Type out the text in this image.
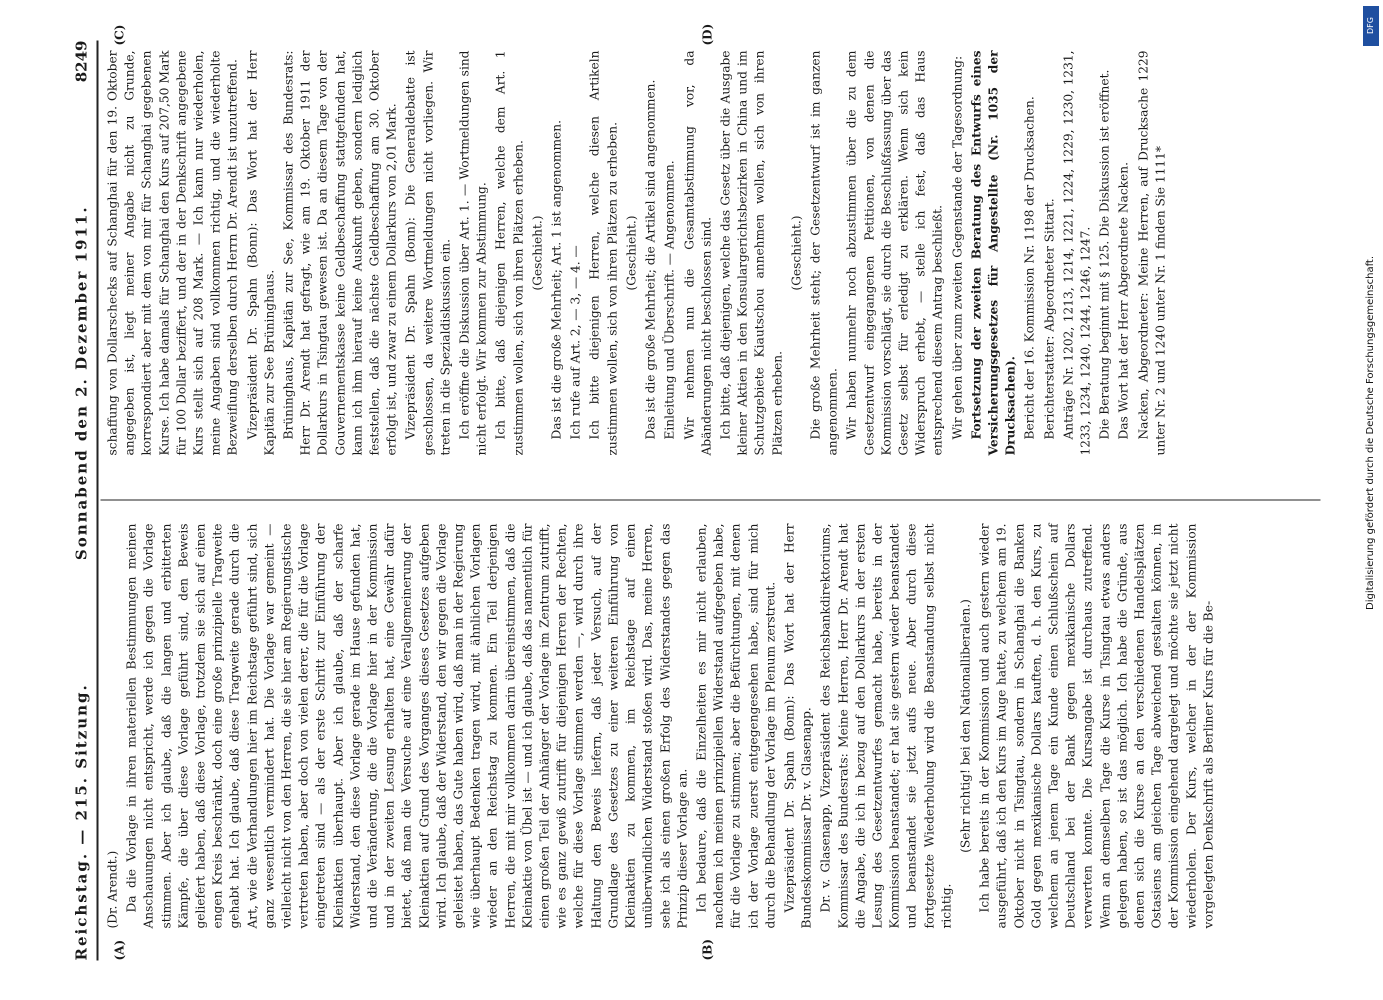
Reichstag. — 215. Sitzung.
Sonnabend den 2. Dezember 1911.
8249
(A)	(B)
(C)	(D)

(Dr. Arendt.) Da die Vorlage in ihren materiellen Bestimmungen meinen Anschauungen nicht entspricht, werde ich gegen die Vorlage stimmen. Aber ich glaube, daß die langen und erbitterten Kämpfe, die über diese Vorlage geführt sind, den Beweis geliefert haben, daß diese Vorlage, trotzdem sie sich auf einen engen Kreis beschränkt, doch eine große prinzipielle Tragweite gehabt hat. Ich glaube, daß diese Tragweite gerade durch die Art, wie die Verhandlungen hier im Reichstage geführt sind, sich ganz wesentlich vermindert hat. Die Vorlage war gemeint — vielleicht nicht von den Herren, die sie hier am Regierungstische vertreten haben, aber doch von vielen derer, die für die Vorlage eingetreten sind — als der erste Schritt zur Einführung der Kleinaktien überhaupt. Aber ich glaube, daß der scharfe Widerstand, den diese Vorlage gerade im Hause gefunden hat, und die Veränderung, die die Vorlage hier in der Kommission und in der zweiten Lesung erhalten hat, eine Gewähr dafür bietet, daß man die Versuche auf eine Verallgemeinerung der Kleinaktien auf Grund des Vorganges dieses Gesetzes aufgeben wird. Ich glaube, daß der Widerstand, den wir gegen die Vorlage geleistet haben, das Gute haben wird, daß man in der Regierung wie überhaupt Bedenken tragen wird, mit ähnlichen Vorlagen wieder an den Reichstag zu kommen. Ein Teil derjenigen Herren, die mit mir vollkommen darin übereinstimmen, daß die Kleinaktie von Übel ist — und ich glaube, daß das namentlich für einen großen Teil der Anhänger der Vorlage im Zentrum zutrifft, wie es ganz gewiß zutrifft für diejenigen Herren der Rechten, welche für diese Vorlage stimmen werden —, wird durch ihre Haltung den Beweis liefern, daß jeder Versuch, auf der Grundlage des Gesetzes zu einer weiteren Einführung von Kleinaktien zu kommen, im Reichstage auf einen unüberwindlichen Widerstand stoßen wird. Das, meine Herren, sehe ich als einen großen Erfolg des Widerstandes gegen das Prinzip dieser Vorlage an. Ich bedaure, daß die Einzelheiten es mir nicht erlauben, nachdem ich meinen prinzipiellen Widerstand aufgegeben habe, für die Vorlage zu stimmen; aber die Befürchtungen, mit denen ich der Vorlage zuerst entgegengesehen habe, sind für mich durch die Behandlung der Vorlage im Plenum zerstreut. Vizepräsident Dr. Spahn (Bonn): Das Wort hat der Herr Bundeskommissar Dr. v. Glasenapp. Dr. v. Glasenapp, Vizepräsident des Reichsbankdirektoriums, Kommissar des Bundesrats: Meine Herren, Herr Dr. Arendt hat die Angabe, die ich in bezug auf den Dollarkurs in der ersten Lesung des Gesetzentwurfes gemacht habe, bereits in der Kommission beanstandet; er hat sie gestern wieder beanstandet und beanstandet sie jetzt aufs neue. Aber durch diese fortgesetzte Wiederholung wird die Beanstandung selbst nicht richtig.

(Sehr richtig! bei den Nationalliberalen.) Ich habe bereits in der Kommission und auch gestern wieder ausgeführt, daß ich den Kurs im Auge hatte, zu welchem am 19. Oktober nicht in Tsingtau, sondern in Schanghai die Banken Gold gegen mexikanische Dollars kauften, d. h. den Kurs, zu welchem an jenem Tage ein Kunde einen Schlußschein auf Deutschland bei der Bank gegen mexikanische Dollars verwerten konnte. Die Kursangabe ist durchaus zutreffend. Wenn an demselben Tage die Kurse in Tsingtau etwas anders gelegen haben, so ist das möglich. Ich habe die Gründe, aus denen sich die Kurse an den verschiedenen Handelsplätzen Ostasiens am gleichen Tage abweichend gestalten können, in der Kommission eingehend dargelegt und möchte sie jetzt nicht wiederholen. Der Kurs, welcher in der der Kommission vorgelegten Denkschrift als Berliner Kurs für die Be-

schaffung von Dollarschecks auf Schanghai für den 19. Oktober angegeben ist, liegt meiner Angabe nicht zu Grunde, korrespondiert aber mit dem von mir für Schanghai gegebenen Kurse. Ich habe damals für Schanghai den Kurs auf 207,50 Mark für 100 Dollar beziffert, und der in der Denkschrift angegebene Kurs stellt sich auf 208 Mark. — Ich kann nur wiederholen, meine Angaben sind vollkommen richtig, und die wiederholte Bezweiflung derselben durch Herrn Dr. Arendt ist unzutreffend. Vizepräsident Dr. Spahn (Bonn): Das Wort hat der Herr Kapitän zur See Brüninghaus. Brüninghaus, Kapitän zur See, Kommissar des Bundesrats: Herr Dr. Arendt hat gefragt, wie am 19. Oktober 1911 der Dollarkurs in Tsingtau gewesen ist. Da an diesem Tage von der Gouvernementskasse keine Geldbeschaffung stattgefunden hat, kann ich ihm hierauf keine Auskunft geben, sondern lediglich feststellen, daß die nächste Geldbeschaffung am 30. Oktober erfolgt ist, und zwar zu einem Dollarkurs von 2,01 Mark. Vizepräsident Dr. Spahn (Bonn): Die Generaldebatte ist geschlossen, da weitere Wortmeldungen nicht vorliegen. Wir treten in die Spezialdiskussion ein. Ich eröffne die Diskussion über Art. 1. — Wortmeldungen sind nicht erfolgt. Wir kommen zur Abstimmung. Ich bitte, daß diejenigen Herren, welche dem Art. 1 zustimmen wollen, sich von ihren Plätzen erheben. (Geschieht.) Das ist die große Mehrheit; Art. 1 ist angenommen. Ich rufe auf Art. 2, — 3, — 4. — Ich bitte diejenigen Herren, welche diesen Artikeln zustimmen wollen, sich von ihren Plätzen zu erheben. (Geschieht.) Das ist die große Mehrheit; die Artikel sind angenommen. Einleitung und Überschrift. — Angenommen. Wir nehmen nun die Gesamtabstimmung vor, da Abänderungen nicht beschlossen sind. Ich bitte, daß diejenigen, welche das Gesetz über die Ausgabe kleiner Aktien in den Konsulargerichtsbezirken in China und im Schutzgebiete Kiautschou annehmen wollen, sich von ihren Plätzen erheben.

(Geschieht.) Die große Mehrheit steht; der Gesetzentwurf ist im ganzen angenommen. Wir haben nunmehr noch abzustimmen über die zu dem Gesetzentwurf eingegangenen Petitionen, von denen die Kommission vorschlägt, sie durch die Beschlußfassung über das Gesetz selbst für erledigt zu erklären. Wenn sich kein Widerspruch erhebt, — stelle ich fest, daß das Haus entsprechend diesem Antrag beschließt. Wir gehen über zum zweiten Gegenstande der Tagesordnung: Fortsetzung der zweiten Beratung des Entwurfs eines Versicherungsgesetzes für Angestellte (Nr. 1035 der Drucksachen). Bericht der 16. Kommission Nr. 1198 der Drucksachen. Berichterstatter: Abgeordneter Sittart. Anträge Nr. 1202, 1213, 1214, 1221, 1224, 1229, 1230, 1231, 1233, 1234, 1240, 1244, 1246, 1247. Die Beratung beginnt mit § 125. Die Diskussion ist eröffnet. Das Wort hat der Herr Abgeordnete Nacken. Nacken, Abgeordneter: Meine Herren, auf Drucksache 1229 unter Nr. 2 und 1240 unter Nr. 1 finden Sie 1111*

DFG
Digitalisierung gefördert durch die Deutsche Forschungsgemeinschaft.
